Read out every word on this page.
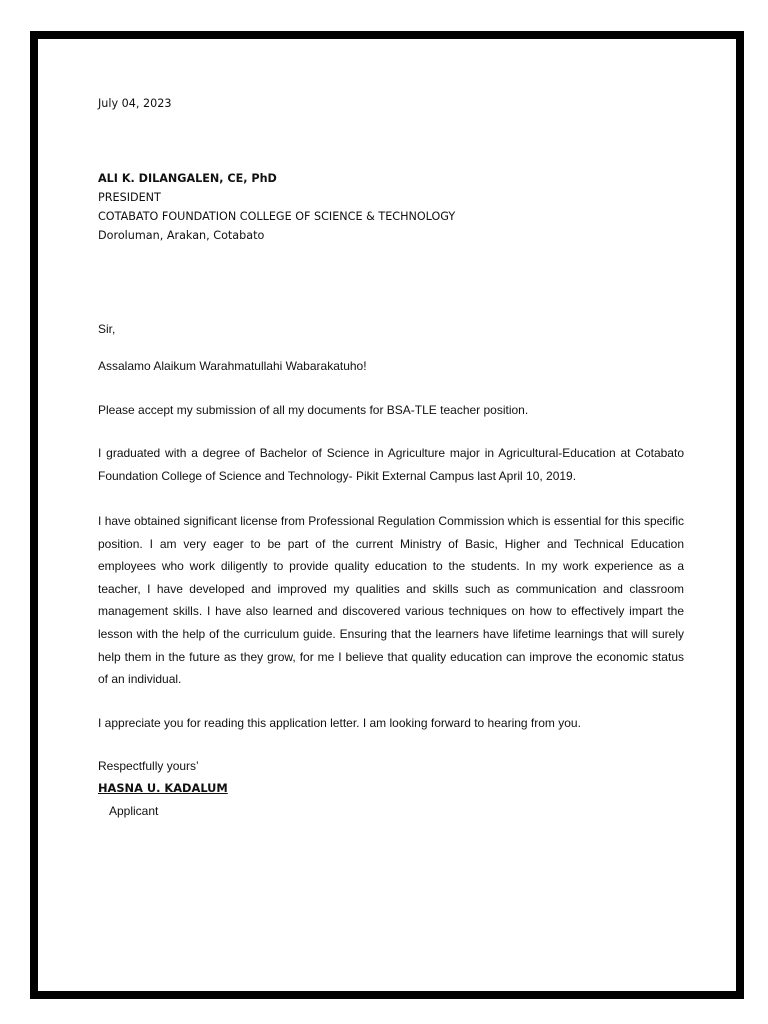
July 04, 2023
ALI K. DILANGALEN, CE, PhD
PRESIDENT
COTABATO FOUNDATION COLLEGE OF SCIENCE & TECHNOLOGY
Doroluman, Arakan, Cotabato
Sir,
Assalamo Alaikum Warahmatullahi Wabarakatuho!
Please accept my submission of all my documents for BSA-TLE teacher position.
I graduated with a degree of Bachelor of Science in Agriculture major in Agricultural-Education at Cotabato Foundation College of Science and Technology- Pikit External Campus last April 10, 2019.
I have obtained significant license from Professional Regulation Commission which is essential for this specific position. I am very eager to be part of the current Ministry of Basic, Higher and Technical Education employees who work diligently to provide quality education to the students. In my work experience as a teacher, I have developed and improved my qualities and skills such as communication and classroom management skills. I have also learned and discovered various techniques on how to effectively impart the lesson with the help of the curriculum guide. Ensuring that the learners have lifetime learnings that will surely help them in the future as they grow, for me I believe that quality education can improve the economic status of an individual.
I appreciate you for reading this application letter. I am looking forward to hearing from you.
Respectfully yours’
HASNA U. KADALUM
Applicant
